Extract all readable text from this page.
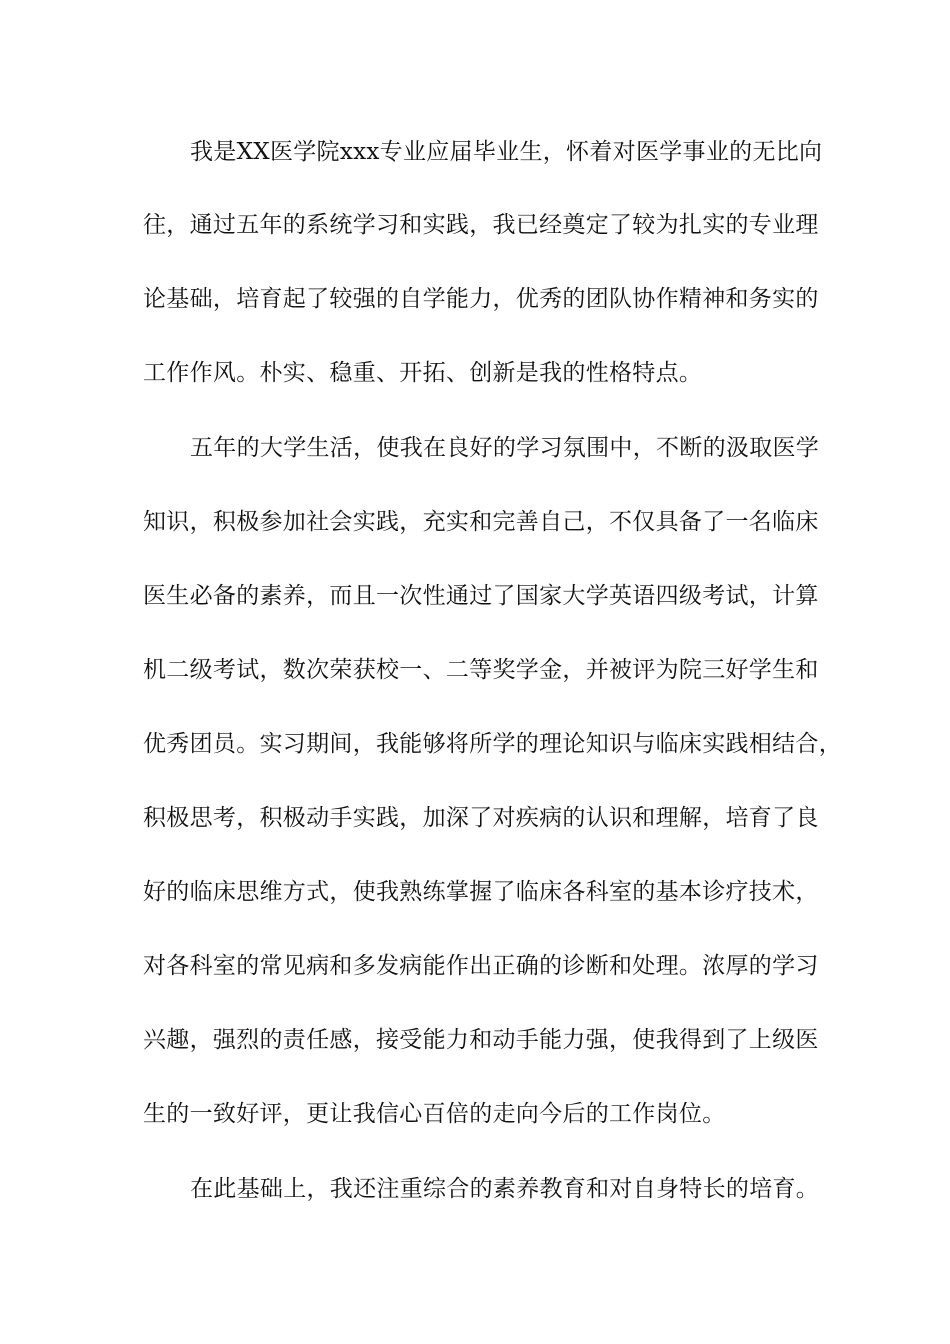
我是XX医学院xxx专业应届毕业生，怀着对医学事业的无比向
往，通过五年的系统学习和实践，我已经奠定了较为扎实的专业理
论基础，培育起了较强的自学能力，优秀的团队协作精神和务实的
工作作风。朴实、稳重、开拓、创新是我的性格特点。
五年的大学生活，使我在良好的学习氛围中，不断的汲取医学
知识，积极参加社会实践，充实和完善自己，不仅具备了一名临床
医生必备的素养，而且一次性通过了国家大学英语四级考试，计算
机二级考试，数次荣获校一、二等奖学金，并被评为院三好学生和
优秀团员。实习期间，我能够将所学的理论知识与临床实践相结合，
积极思考，积极动手实践，加深了对疾病的认识和理解，培育了良
好的临床思维方式，使我熟练掌握了临床各科室的基本诊疗技术，
对各科室的常见病和多发病能作出正确的诊断和处理。浓厚的学习
兴趣，强烈的责任感，接受能力和动手能力强，使我得到了上级医
生的一致好评，更让我信心百倍的走向今后的工作岗位。
在此基础上，我还注重综合的素养教育和对自身特长的培育。
